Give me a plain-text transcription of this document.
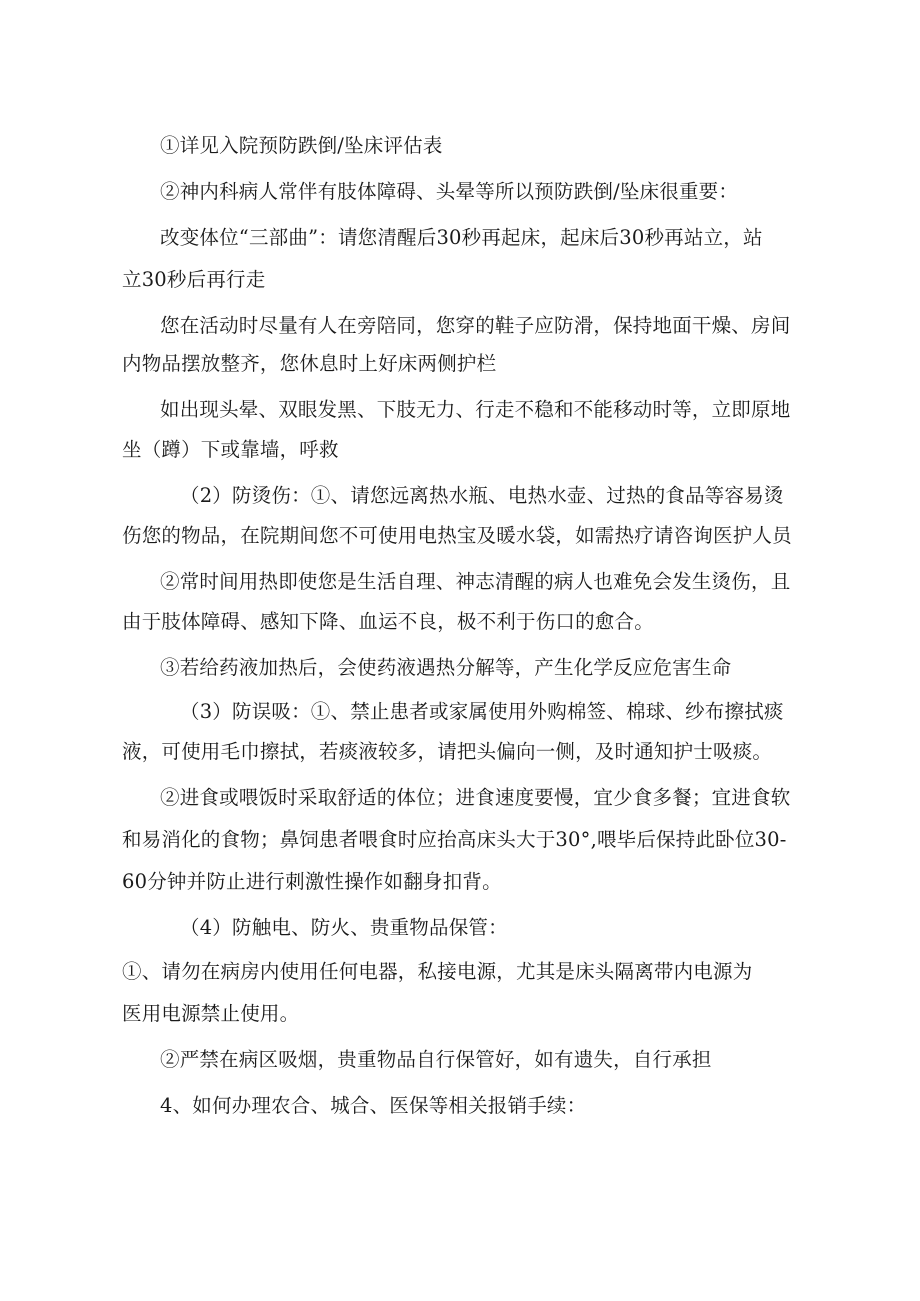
①详见入院预防跌倒/坠床评估表
②神内科病人常伴有肢体障碍、头晕等所以预防跌倒/坠床很重要：
改变体位“三部曲”：请您清醒后30秒再起床，起床后30秒再站立，站
立30秒后再行走
您在活动时尽量有人在旁陪同，您穿的鞋子应防滑，保持地面干燥、房间
内物品摆放整齐，您休息时上好床两侧护栏
如出现头晕、双眼发黑、下肢无力、行走不稳和不能移动时等，立即原地
坐（蹲）下或靠墙，呼救
（2）防烫伤：①、请您远离热水瓶、电热水壶、过热的食品等容易烫
伤您的物品，在院期间您不可使用电热宝及暖水袋，如需热疗请咨询医护人员
②常时间用热即使您是生活自理、神志清醒的病人也难免会发生烫伤，且
由于肢体障碍、感知下降、血运不良，极不利于伤口的愈合。
③若给药液加热后，会使药液遇热分解等，产生化学反应危害生命
（3）防误吸：①、禁止患者或家属使用外购棉签、棉球、纱布擦拭痰
液，可使用毛巾擦拭，若痰液较多，请把头偏向一侧，及时通知护士吸痰。
②进食或喂饭时采取舒适的体位；进食速度要慢，宜少食多餐；宜进食软
和易消化的食物；鼻饲患者喂食时应抬高床头大于30°,喂毕后保持此卧位30-
60分钟并防止进行刺激性操作如翻身扣背。
（4）防触电、防火、贵重物品保管：
①、请勿在病房内使用任何电器，私接电源，尤其是床头隔离带内电源为
医用电源禁止使用。
②严禁在病区吸烟，贵重物品自行保管好，如有遗失，自行承担
4、如何办理农合、城合、医保等相关报销手续：
